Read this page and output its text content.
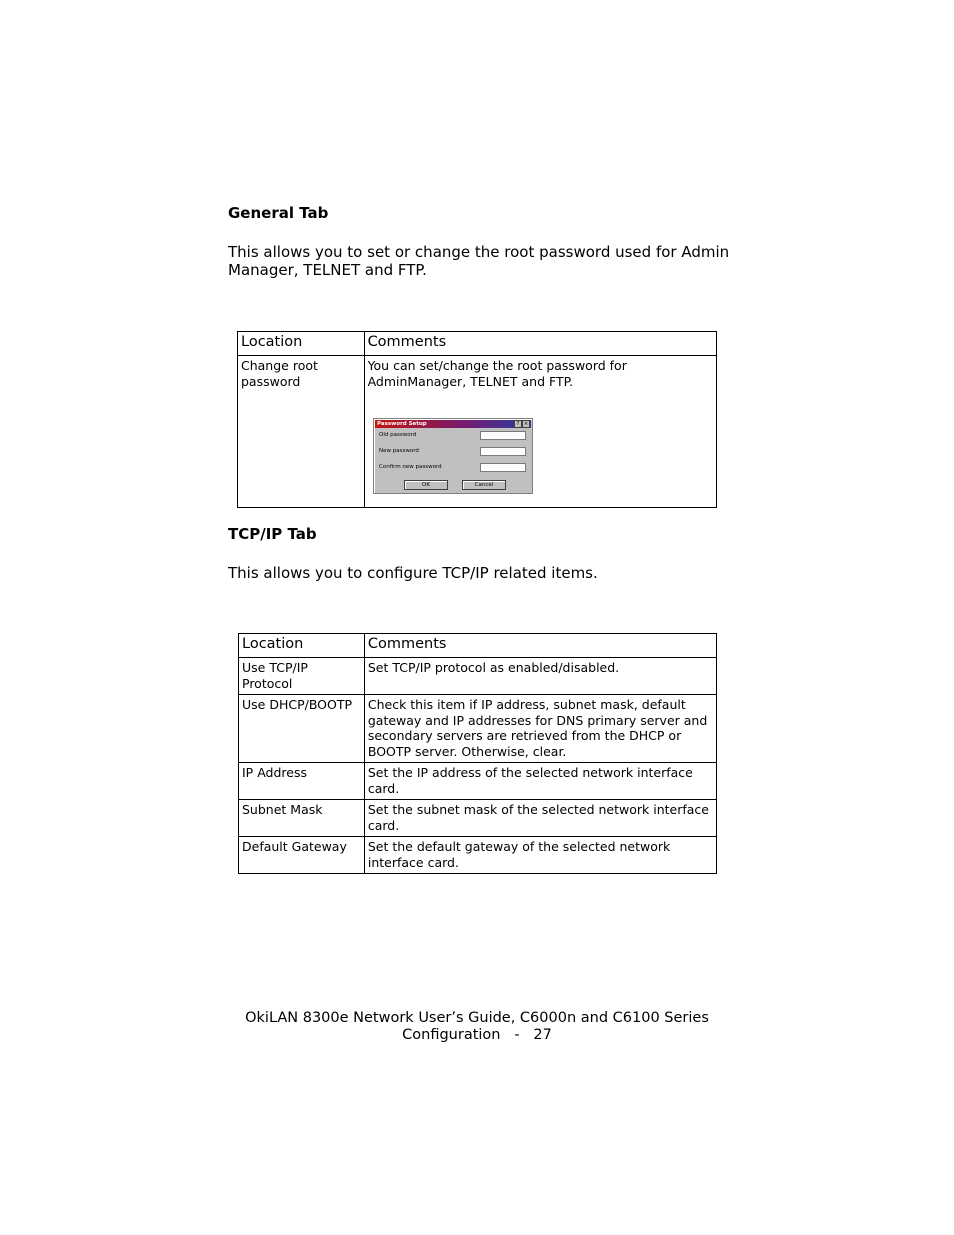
General Tab
This allows you to set or change the root password used for Admin Manager, TELNET and FTP.
Location	Comments
Change root password	You can set/change the root password for AdminManager, TELNET and FTP.
Password Setup	? ×
Old password
New password
Confirm new password
OK	Cancel
TCP/IP Tab
This allows you to configure TCP/IP related items.
Location	Comments
Use TCP/IP Protocol	Set TCP/IP protocol as enabled/disabled.
Use DHCP/BOOTP	Check this item if IP address, subnet mask, default gateway and IP addresses for DNS primary server and secondary servers are retrieved from the DHCP or BOOTP server. Otherwise, clear.
IP Address	Set the IP address of the selected network interface card.
Subnet Mask	Set the subnet mask of the selected network interface card.
Default Gateway	Set the default gateway of the selected network interface card.
OkiLAN 8300e Network User’s Guide, C6000n and C6100 Series
Configuration   -   27
